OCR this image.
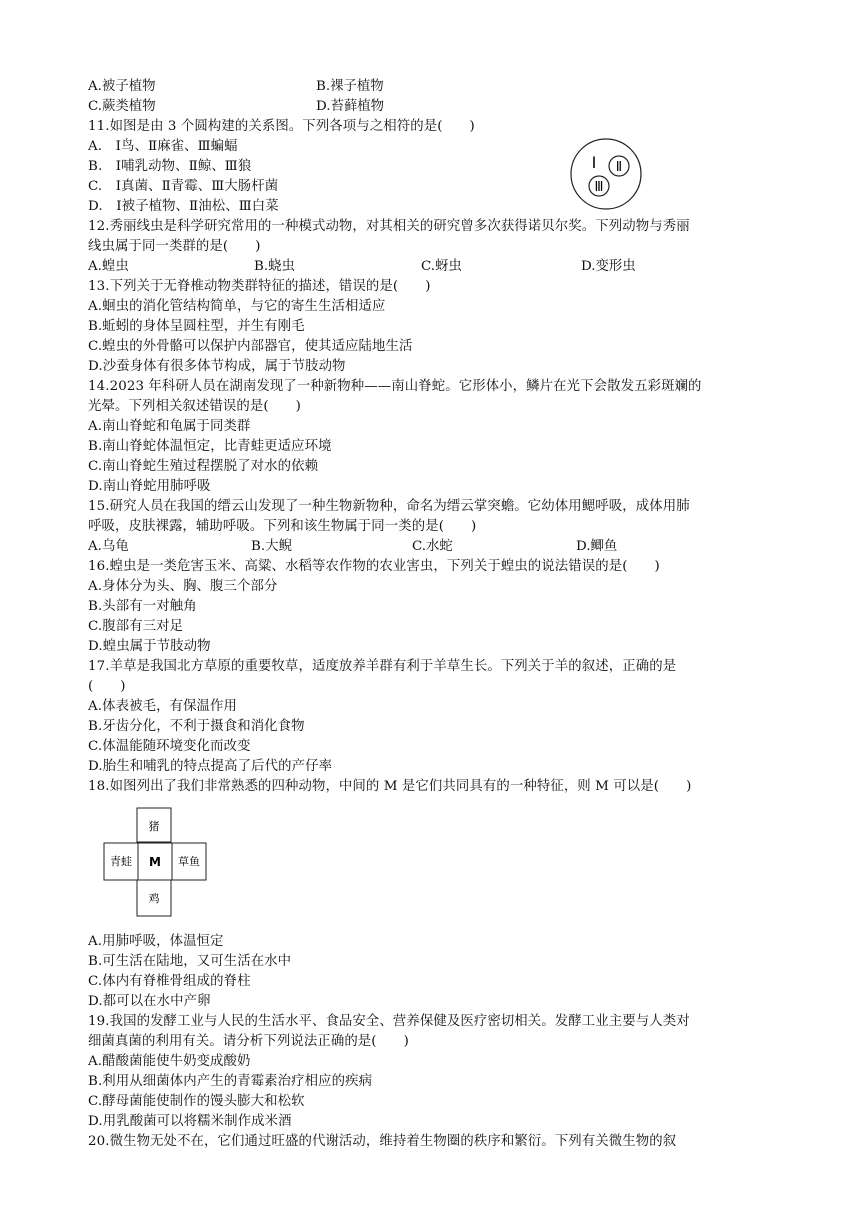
A.被子植物	B.裸子植物
C.蕨类植物	D.苔藓植物
11.如图是由 3 个圆构建的关系图。下列各项与之相符的是(　　)
A.　Ⅰ鸟、Ⅱ麻雀、Ⅲ蝙蝠
B.　Ⅰ哺乳动物、Ⅱ鲸、Ⅲ狼
C.　Ⅰ真菌、Ⅱ青霉、Ⅲ大肠杆菌
D.　Ⅰ被子植物、Ⅱ油松、Ⅲ白菜
Ⅰ Ⅱ
Ⅲ
12.秀丽线虫是科学研究常用的一种模式动物，对其相关的研究曾多次获得诺贝尔奖。下列动物与秀丽
线虫属于同一类群的是(　　)
A.蝗虫	B.蛲虫	C.蚜虫	D.变形虫
13.下列关于无脊椎动物类群特征的描述，错误的是(　　)
A.蛔虫的消化管结构简单，与它的寄生生活相适应
B.蚯蚓的身体呈圆柱型，并生有刚毛
C.蝗虫的外骨骼可以保护内部器官，使其适应陆地生活
D.沙蚕身体有很多体节构成，属于节肢动物
14.2023 年科研人员在湖南发现了一种新物种——南山脊蛇。它形体小，鳞片在光下会散发五彩斑斓的
光晕。下列相关叙述错误的是(　　)
A.南山脊蛇和龟属于同类群
B.南山脊蛇体温恒定，比青蛙更适应环境
C.南山脊蛇生殖过程摆脱了对水的依赖
D.南山脊蛇用肺呼吸
15.研究人员在我国的缙云山发现了一种生物新物种，命名为缙云掌突蟾。它幼体用鳃呼吸，成体用肺
呼吸，皮肤裸露，辅助呼吸。下列和该生物属于同一类的是(　　)
A.乌龟	B.大鲵	C.水蛇	D.鲫鱼
16.蝗虫是一类危害玉米、高粱、水稻等农作物的农业害虫，下列关于蝗虫的说法错误的是(　　)
A.身体分为头、胸、腹三个部分
B.头部有一对触角
C.腹部有三对足
D.蝗虫属于节肢动物
17.羊草是我国北方草原的重要牧草，适度放养羊群有利于羊草生长。下列关于羊的叙述，正确的是
(　　)
A.体表被毛，有保温作用
B.牙齿分化，不利于摄食和消化食物
C.体温能随环境变化而改变
D.胎生和哺乳的特点提高了后代的产仔率
18.如图列出了我们非常熟悉的四种动物，中间的 M 是它们共同具有的一种特征，则 M 可以是(　　)
猪
青蛙 M 草鱼
鸡
A.用肺呼吸，体温恒定
B.可生活在陆地，又可生活在水中
C.体内有脊椎骨组成的脊柱
D.都可以在水中产卵
19.我国的发酵工业与人民的生活水平、食品安全、营养保健及医疗密切相关。发酵工业主要与人类对
细菌真菌的利用有关。请分析下列说法正确的是(　　)
A.醋酸菌能使牛奶变成酸奶
B.利用从细菌体内产生的青霉素治疗相应的疾病
C.酵母菌能使制作的馒头膨大和松软
D.用乳酸菌可以将糯米制作成米酒
20.微生物无处不在，它们通过旺盛的代谢活动，维持着生物圈的秩序和繁衍。下列有关微生物的叙
